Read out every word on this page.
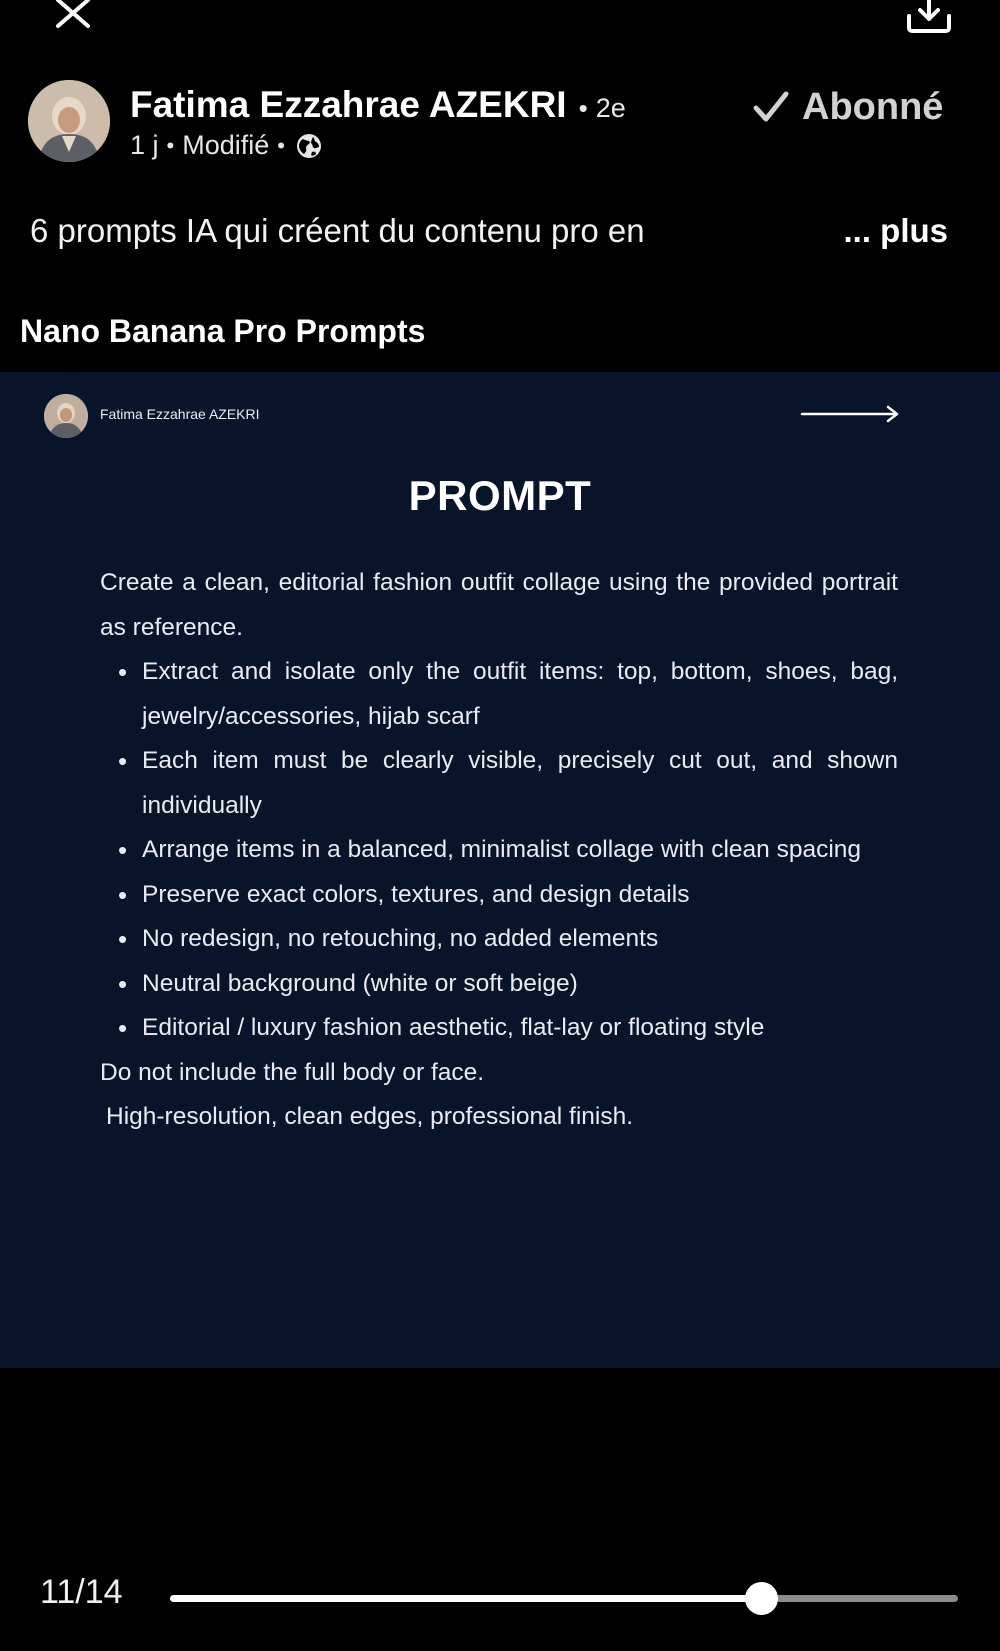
Fatima Ezzahrae AZEKRI • 2e
1 j • Modifié •
Abonné
6 prompts IA qui créent du contenu pro en	... plus
Nano Banana Pro Prompts
Fatima Ezzahrae AZEKRI
PROMPT
Create a clean, editorial fashion outfit collage using the provided portrait as reference.
• Extract and isolate only the outfit items: top, bottom, shoes, bag, jewelry/accessories, hijab scarf
• Each item must be clearly visible, precisely cut out, and shown individually
• Arrange items in a balanced, minimalist collage with clean spacing
• Preserve exact colors, textures, and design details
• No redesign, no retouching, no added elements
• Neutral background (white or soft beige)
• Editorial / luxury fashion aesthetic, flat-lay or floating style
Do not include the full body or face.
High-resolution, clean edges, professional finish.
11/14
